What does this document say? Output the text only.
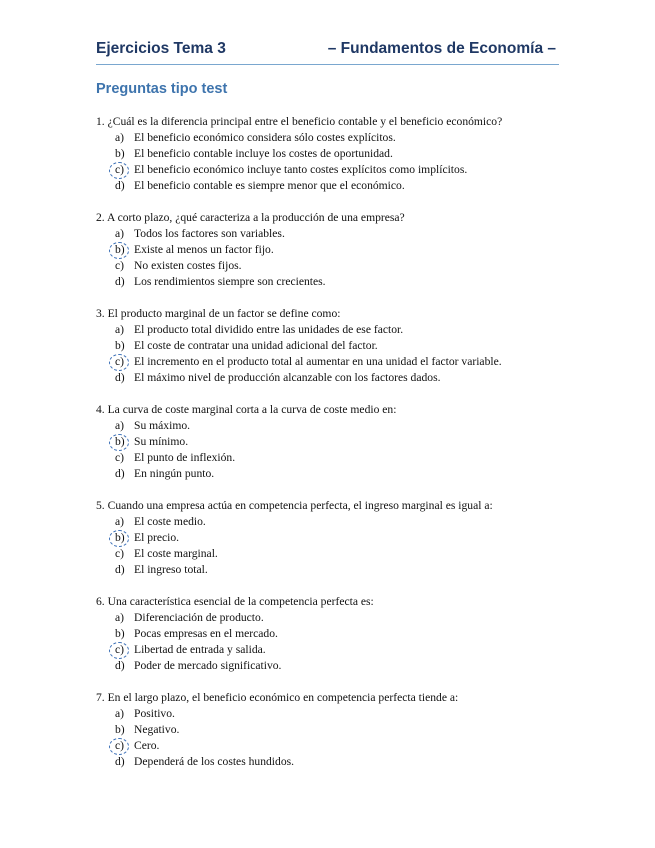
Ejercicios Tema 3	– Fundamentos de Economía –
Preguntas tipo test
1. ¿Cuál es la diferencia principal entre el beneficio contable y el beneficio económico?
a) El beneficio económico considera sólo costes explícitos.
b) El beneficio contable incluye los costes de oportunidad.
c) El beneficio económico incluye tanto costes explícitos como implícitos.
d) El beneficio contable es siempre menor que el económico.
2. A corto plazo, ¿qué caracteriza a la producción de una empresa?
a) Todos los factores son variables.
b) Existe al menos un factor fijo.
c) No existen costes fijos.
d) Los rendimientos siempre son crecientes.
3. El producto marginal de un factor se define como:
a) El producto total dividido entre las unidades de ese factor.
b) El coste de contratar una unidad adicional del factor.
c) El incremento en el producto total al aumentar en una unidad el factor variable.
d) El máximo nivel de producción alcanzable con los factores dados.
4. La curva de coste marginal corta a la curva de coste medio en:
a) Su máximo.
b) Su mínimo.
c) El punto de inflexión.
d) En ningún punto.
5. Cuando una empresa actúa en competencia perfecta, el ingreso marginal es igual a:
a) El coste medio.
b) El precio.
c) El coste marginal.
d) El ingreso total.
6. Una característica esencial de la competencia perfecta es:
a) Diferenciación de producto.
b) Pocas empresas en el mercado.
c) Libertad de entrada y salida.
d) Poder de mercado significativo.
7. En el largo plazo, el beneficio económico en competencia perfecta tiende a:
a) Positivo.
b) Negativo.
c) Cero.
d) Dependerá de los costes hundidos.
